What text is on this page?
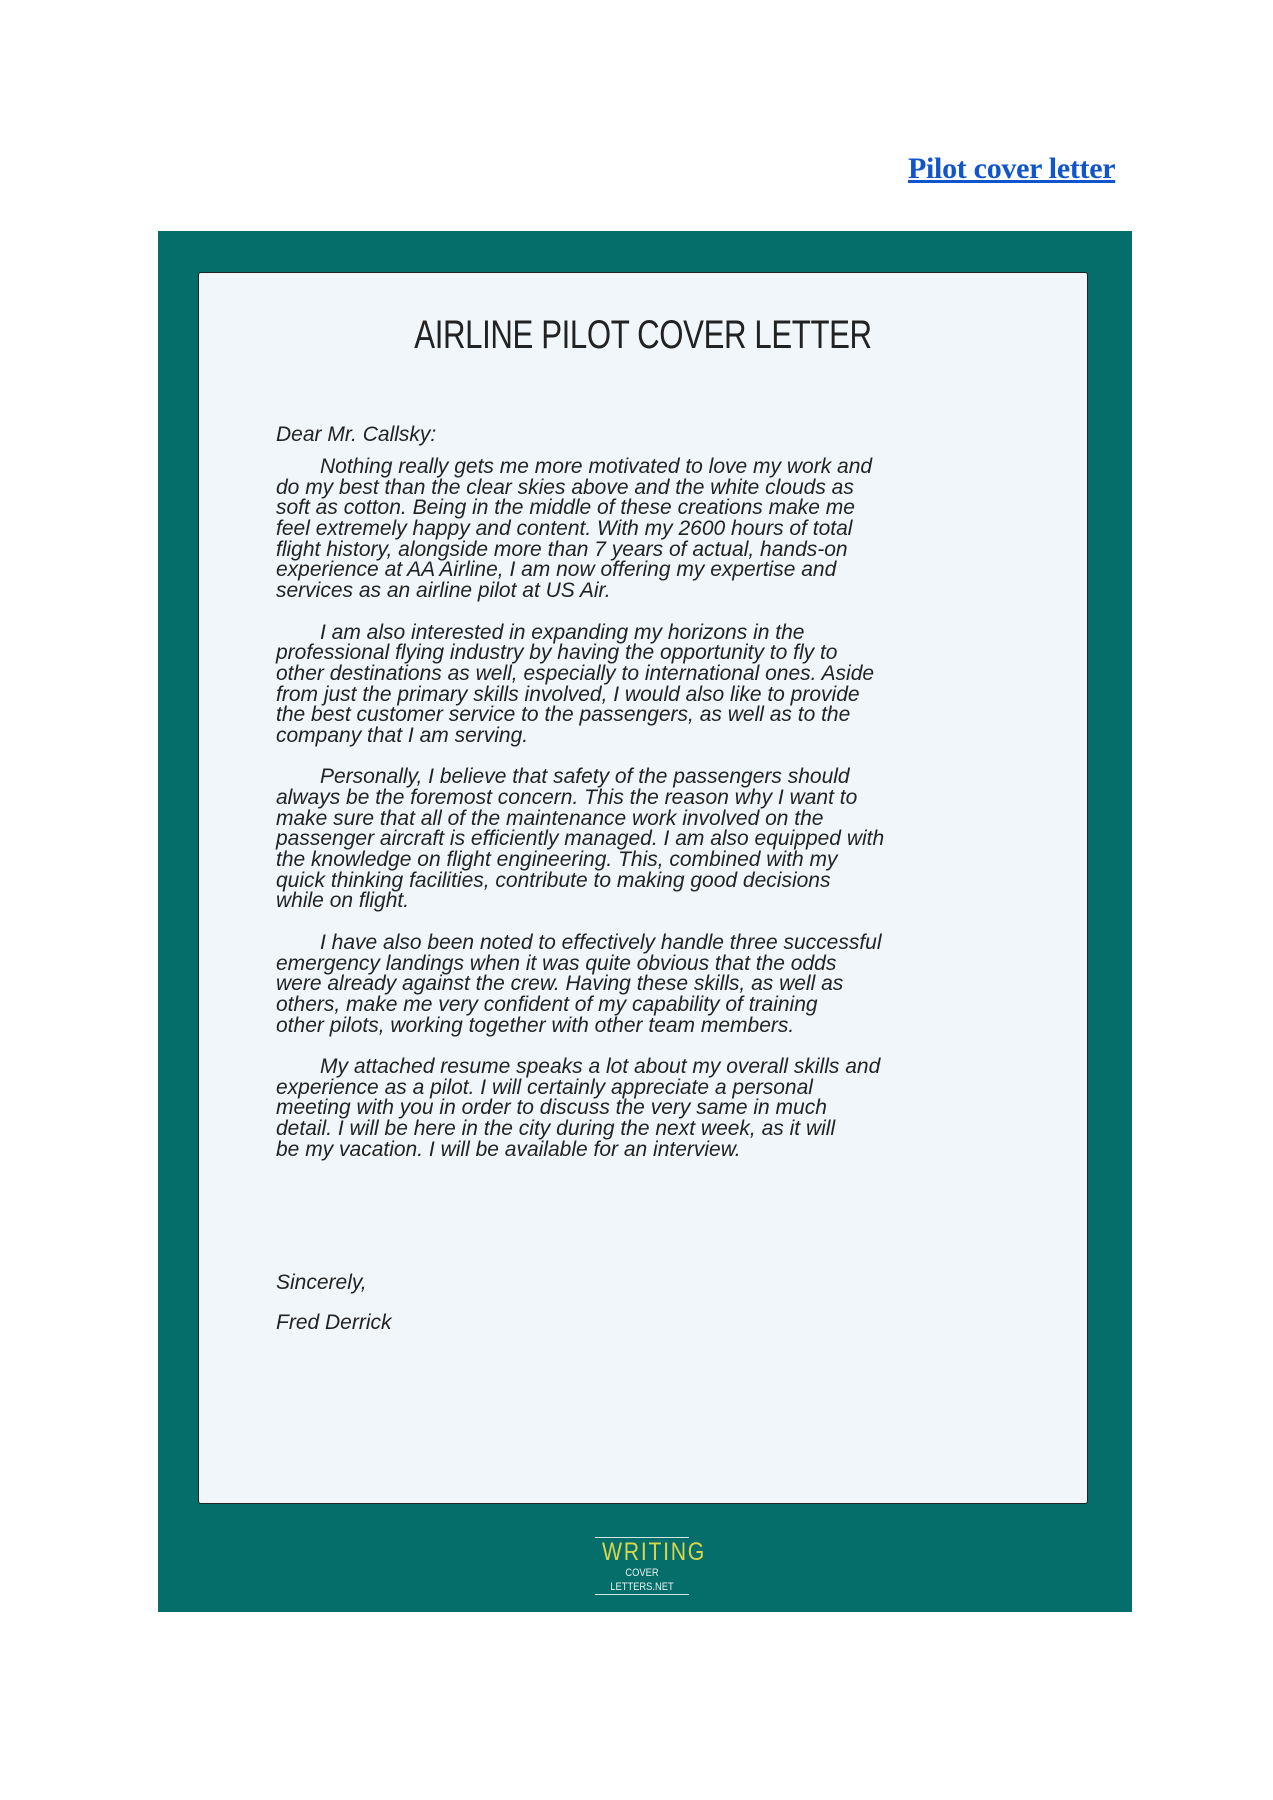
Pilot cover letter
AIRLINE PILOT COVER LETTER
Dear Mr. Callsky:
Nothing really gets me more motivated to love my work and
do my best than the clear skies above and the white clouds as
soft as cotton. Being in the middle of these creations make me
feel extremely happy and content. With my 2600 hours of total
flight history, alongside more than 7 years of actual, hands-on
experience at AA Airline, I am now offering my expertise and
services as an airline pilot at US Air.
I am also interested in expanding my horizons in the
professional flying industry by having the opportunity to fly to
other destinations as well, especially to international ones. Aside
from just the primary skills involved, I would also like to provide
the best customer service to the passengers, as well as to the
company that I am serving.
Personally, I believe that safety of the passengers should
always be the foremost concern. This the reason why I want to
make sure that all of the maintenance work involved on the
passenger aircraft is efficiently managed. I am also equipped with
the knowledge on flight engineering. This, combined with my
quick thinking facilities, contribute to making good decisions
while on flight.
I have also been noted to effectively handle three successful
emergency landings when it was quite obvious that the odds
were already against the crew. Having these skills, as well as
others, make me very confident of my capability of training
other pilots, working together with other team members.
My attached resume speaks a lot about my overall skills and
experience as a pilot. I will certainly appreciate a personal
meeting with you in order to discuss the very same in much
detail. I will be here in the city during the next week, as it will
be my vacation. I will be available for an interview.
Sincerely,
Fred Derrick
WRITING
COVER LETTERS.NET
